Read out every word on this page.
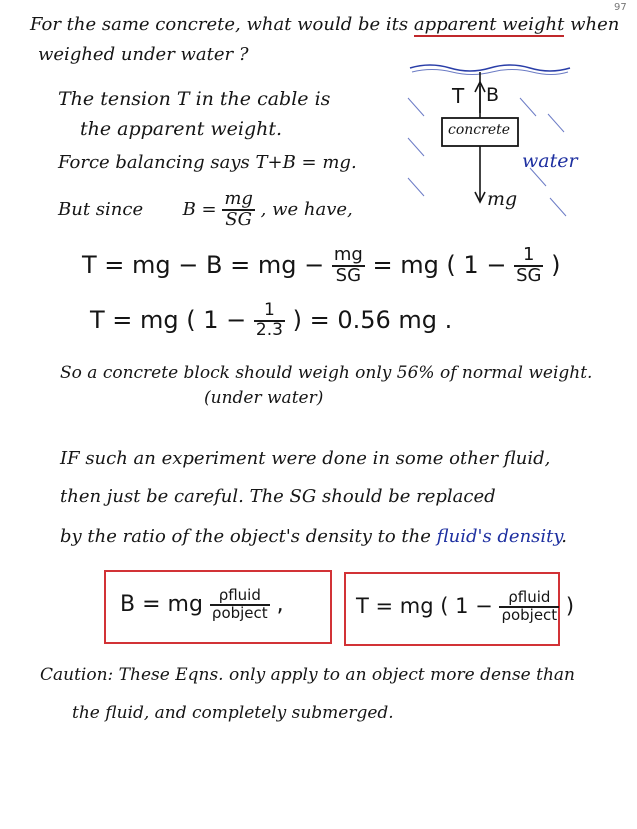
97
For the same concrete, what would be its apparent weight when
weighed under water ?
T B
concrete
mg
water
The tension T in the cable is
the apparent weight.
Force balancing says T+B = mg.
But since $B = \frac{mg}{SG}$ , we have,
T = mg − B = mg − $\frac{mg}{SG}$ = mg ( $1 - \frac{1}{SG}$ )
T = mg ( $1 - \frac{1}{2.3}$ ) = 0.56 mg .
So a concrete block should weigh only 56% of normal weight.
(under water)
IF such an experiment were done in some other fluid,
then just be careful. The SG should be replaced
by the ratio of the object's density to the fluid's density.
B = mg $\frac{\text{ρfluid}}{\text{ρobject}}$ ,	T = mg ( $1 - \frac{\text{ρfluid}}{\text{ρobject}}$ )
Caution: These Eqns. only apply to an object more dense than
the fluid, and completely submerged.
